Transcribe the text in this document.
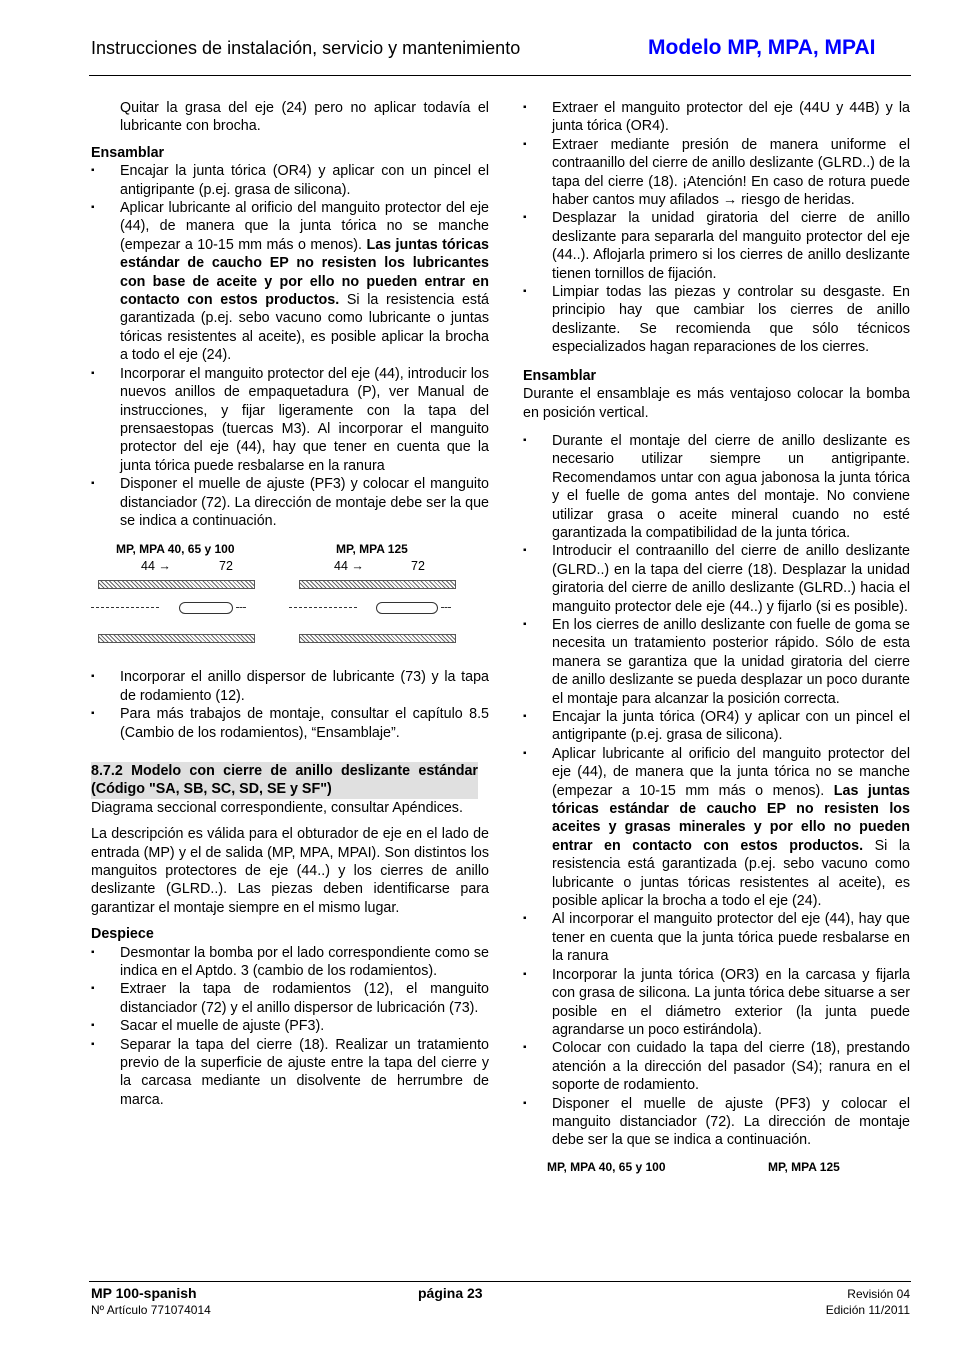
Instrucciones de instalación, servicio y mantenimiento	Modelo MP, MPA, MPAI

Quitar la grasa del eje (24) pero no aplicar todavía el lubricante con brocha.

Ensamblar
▪ Encajar la junta tórica (OR4) y aplicar con un pincel el antigripante (p.ej. grasa de silicona).
▪ Aplicar lubricante al orificio del manguito protector del eje (44), de manera que la junta tórica no se manche (empezar a 10-15 mm más o menos). Las juntas tóricas estándar de caucho EP no resisten los lubricantes con base de aceite y por ello no pueden entrar en contacto con estos productos. Si la resistencia está garantizada (p.ej. sebo vacuno como lubricante o juntas tóricas resistentes al aceite), es posible aplicar la brocha a todo el eje (24).
▪ Incorporar el manguito protector del eje (44), introducir los nuevos anillos de empaquetadura (P), ver Manual de instrucciones, y fijar ligeramente con la tapa del prensaestopas (tuercas M3). Al incorporar el manguito protector del eje (44), hay que tener en cuenta que la junta tórica puede resbalarse en la ranura
▪ Disponer el muelle de ajuste (PF3) y colocar el manguito distanciador (72). La dirección de montaje debe ser la que se indica a continuación.
MP, MPA 40, 65 y 100	MP, MPA 125
44 →	72	44 →	72
▪ Incorporar el anillo dispersor de lubricante (73) y la tapa de rodamiento (12).
▪ Para más trabajos de montaje, consultar el capítulo 8.5 (Cambio de los rodamientos), “Ensamblaje”.
8.7.2 Modelo con cierre de anillo deslizante estándar (Código "SA, SB, SC, SD, SE y SF")

Diagrama seccional correspondiente, consultar Apéndices.

La descripción es válida para el obturador de eje en el lado de entrada (MP) y el de salida (MP, MPA, MPAI). Son distintos los manguitos protectores de eje (44..) y los cierres de anillo deslizante (GLRD..). Las piezas deben identificarse para garantizar el montaje siempre en el mismo lugar.

Despiece
▪ Desmontar la bomba por el lado correspondiente como se indica en el Aptdo. 3 (cambio de los rodamientos).
▪ Extraer la tapa de rodamientos (12), el manguito distanciador (72) y el anillo dispersor de lubricación (73).
▪ Sacar el muelle de ajuste (PF3).
▪ Separar la tapa del cierre (18). Realizar un tratamiento previo de la superficie de ajuste entre la tapa del cierre y la carcasa mediante un disolvente de herrumbre de marca.
▪ Extraer el manguito protector del eje (44U y 44B) y la junta tórica (OR4).
▪ Extraer mediante presión de manera uniforme el contraanillo del cierre de anillo deslizante (GLRD..) de la tapa del cierre (18). ¡Atención! En caso de rotura puede haber cantos muy afilados → riesgo de heridas.
▪ Desplazar la unidad giratoria del cierre de anillo deslizante para separarla del manguito protector del eje (44..). Aflojarla primero si los cierres de anillo deslizante tienen tornillos de fijación.
▪ Limpiar todas las piezas y controlar su desgaste. En principio hay que cambiar los cierres de anillo deslizante. Se recomienda que sólo técnicos especializados hagan reparaciones de los cierres.
Ensamblar

Durante el ensamblaje es más ventajoso colocar la bomba en posición vertical.

▪ Durante el montaje del cierre de anillo deslizante es necesario utilizar siempre un antigripante. Recomendamos untar con agua jabonosa la junta tórica y el fuelle de goma antes del montaje. No conviene utilizar grasa o aceite mineral cuando no esté garantizada la compatibilidad de la junta tórica.
▪ Introducir el contraanillo del cierre de anillo deslizante (GLRD..) en la tapa del cierre (18). Desplazar la unidad giratoria del cierre de anillo deslizante (GLRD..) hacia el manguito protector dele eje (44..) y fijarlo (si es posible).
▪ En los cierres de anillo deslizante con fuelle de goma se necesita un tratamiento posterior rápido. Sólo de esta manera se garantiza que la unidad giratoria del cierre de anillo deslizante se pueda desplazar un poco durante el montaje para alcanzar la posición correcta.
▪ Encajar la junta tórica (OR4) y aplicar con un pincel el antigripante (p.ej. grasa de silicona).
▪ Aplicar lubricante al orificio del manguito protector del eje (44), de manera que la junta tórica no se manche (empezar a 10-15 mm más o menos). Las juntas tóricas estándar de caucho EP no resisten los aceites y grasas minerales y por ello no pueden entrar en contacto con estos productos. Si la resistencia está garantizada (p.ej. sebo vacuno como lubricante o juntas tóricas resistentes al aceite), es posible aplicar la brocha a todo el eje (24).
▪ Al incorporar el manguito protector del eje (44), hay que tener en cuenta que la junta tórica puede resbalarse en la ranura
▪ Incorporar la junta tórica (OR3) en la carcasa y fijarla con grasa de silicona. La junta tórica debe situarse a ser posible en el diámetro exterior (la junta puede agrandarse un poco estirándola).
▪ Colocar con cuidado la tapa del cierre (18), prestando atención a la dirección del pasador (S4); ranura en el soporte de rodamiento.
▪ Disponer el muelle de ajuste (PF3) y colocar el manguito distanciador (72). La dirección de montaje debe ser la que se indica a continuación.
MP, MPA 40, 65 y 100	MP, MPA 125
MP 100-spanish
Nº Artículo 771074014
página 23	Revisión 04
Edición 11/2011
